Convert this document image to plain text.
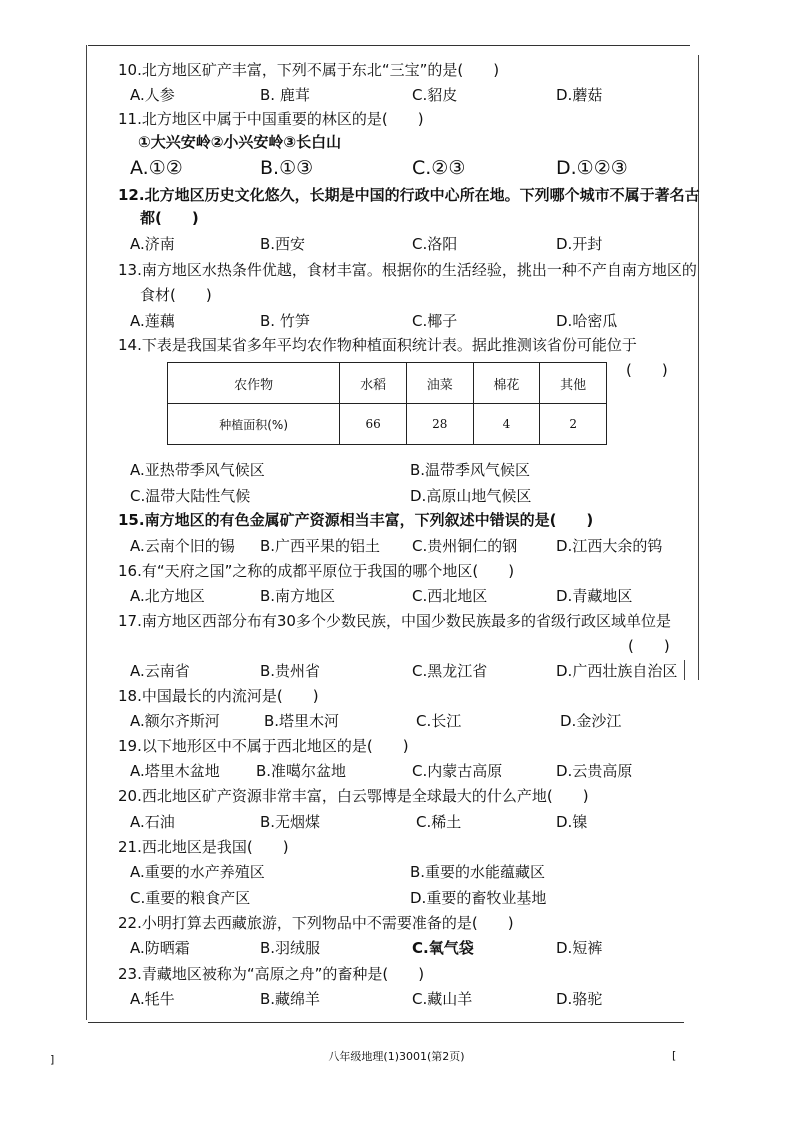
10.北方地区矿产丰富，下列不属于东北“三宝”的是(　　)
A.人参	B. 鹿茸	C.貂皮	D.蘑菇
11.北方地区中属于中国重要的林区的是(　　)
①大兴安岭②小兴安岭③长白山
A.①②	B.①③	C.②③	D.①②③
12.北方地区历史文化悠久，长期是中国的行政中心所在地。下列哪个城市不属于著名古
都(　　)
A.济南	B.西安	C.洛阳	D.开封
13.南方地区水热条件优越，食材丰富。根据你的生活经验，挑出一种不产自南方地区的
食材(　　)
A.莲藕	B. 竹笋	C.椰子	D.哈密瓜
14.下表是我国某省多年平均农作物种植面积统计表。据此推测该省份可能位于
(　　)
农作物	水稻	油菜	棉花	其他
种植面积(%)	66	28	4	2
A.亚热带季风气候区	B.温带季风气候区
C.温带大陆性气候	D.高原山地气候区
15.南方地区的有色金属矿产资源相当丰富，下列叙述中错误的是(　　)
A.云南个旧的锡 B.广西平果的铝土 C.贵州铜仁的钢	D.江西大余的钨
16.有“天府之国”之称的成都平原位于我国的哪个地区(　　)
A.北方地区	B.南方地区	C.西北地区	D.青藏地区
17.南方地区西部分布有30多个少数民族，中国少数民族最多的省级行政区域单位是
(　　)
A.云南省	B.贵州省	C.黑龙江省	D.广西壮族自治区
18.中国最长的内流河是(　　)
A.额尔齐斯河	B.塔里木河	C.长江	D.金沙江
19.以下地形区中不属于西北地区的是(　　)
A.塔里木盆地 B.准噶尔盆地	C.内蒙古高原	D.云贵高原
20.西北地区矿产资源非常丰富，白云鄂博是全球最大的什么产地(　　)
A.石油	B.无烟煤	C.稀土	D.镍
21.西北地区是我国(　　)
A.重要的水产养殖区	B.重要的水能蕴藏区
C.重要的粮食产区	D.重要的畜牧业基地
22.小明打算去西藏旅游，下列物品中不需要准备的是(　　)
A.防晒霜	B.羽绒服	C.氧气袋	D.短裤
23.青藏地区被称为“高原之舟”的畜种是(　　)
A.牦牛	B.藏绵羊	C.藏山羊	D.骆驼
]	八年级地理(1)3001(第2页)	[
